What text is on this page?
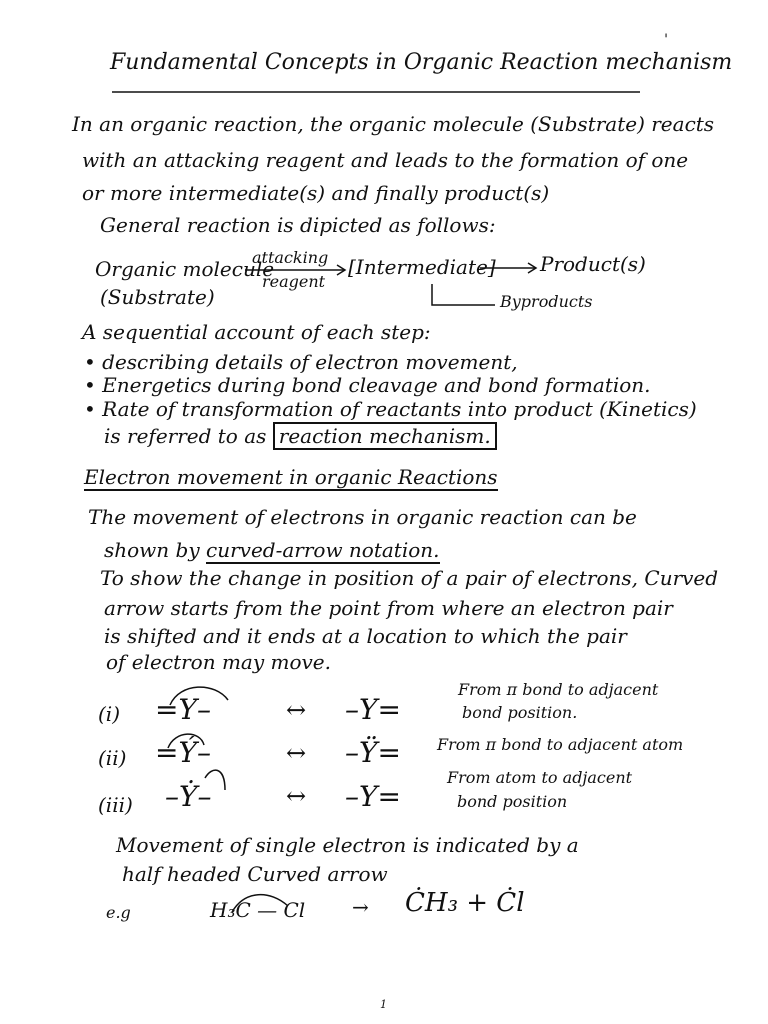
'
Fundamental Concepts in Organic Reaction mechanism
In an organic reaction, the organic molecule (Substrate) reacts
with an attacking reagent and leads to the formation of one
or more intermediate(s) and finally product(s)
General reaction is dipicted as follows:
Organic molecule
(Substrate)
attacking
reagent
[Intermediate] Product(s)
Byproducts
A sequential account of each step:
• describing details of electron movement,
• Energetics during bond cleavage and bond formation.
• Rate of transformation of reactants into product (Kinetics)
is referred to as reaction mechanism.
Electron movement in organic Reactions
The movement of electrons in organic reaction can be
shown by curved-arrow notation.
To show the change in position of a pair of electrons, Curved
arrow starts from the point from where an electron pair
is shifted and it ends at a location to which the pair
of electron may move.
(i) =Y–	↔ –Y=
From π bond to adjacent
bond position.
(ii) =Ý–	↔ –Ÿ= From π bond to adjacent atom
(iii) –Ẏ–	↔ –Y=
From atom to adjacent
bond position
Movement of single electron is indicated by a
half headed Curved arrow
e.g	H₃C — Cl → ĊH₃ + Ċl
1
